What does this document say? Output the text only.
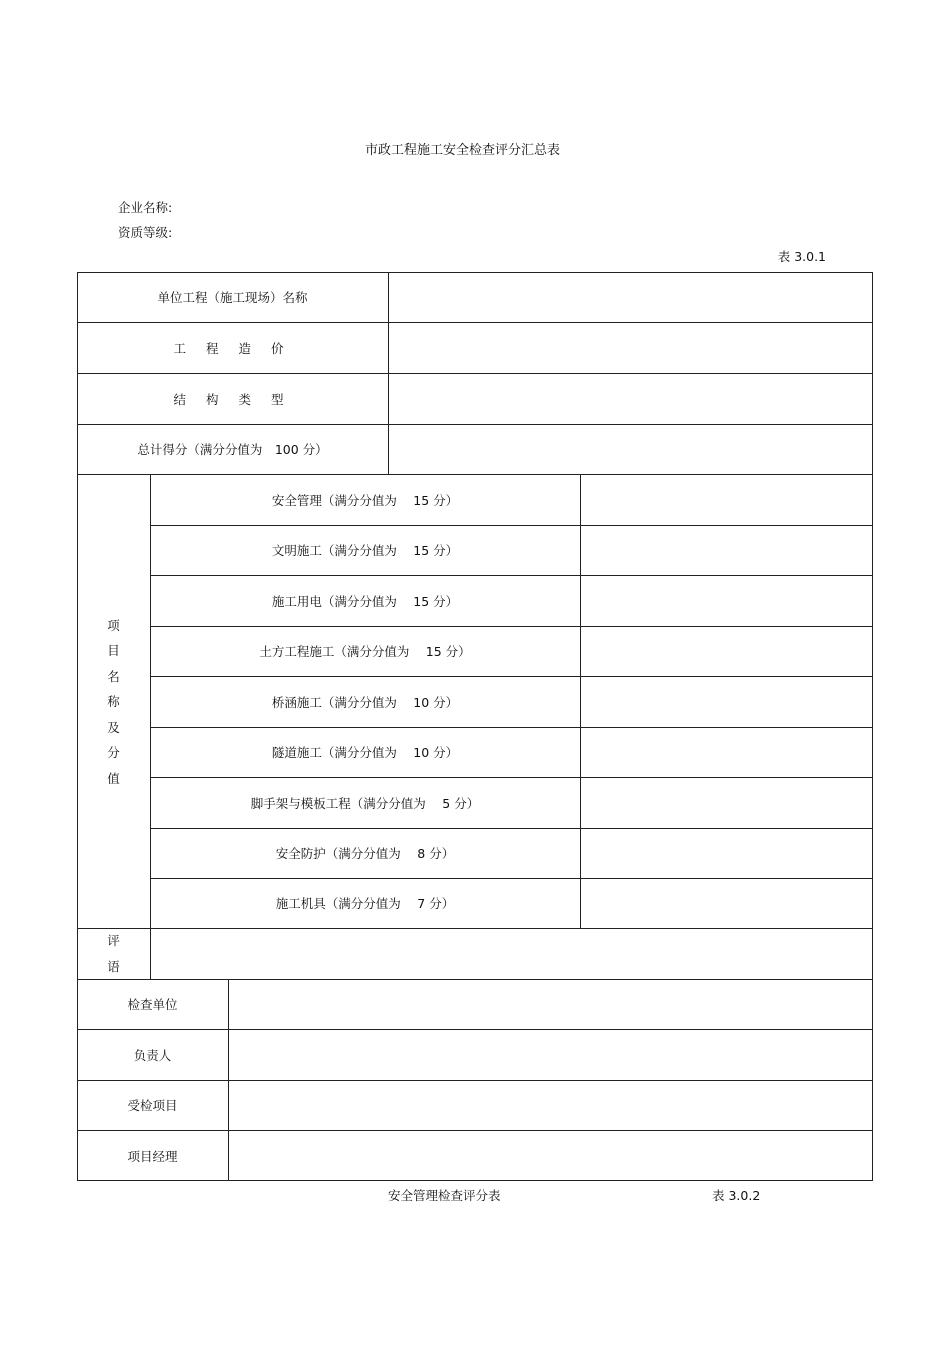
市政工程施工安全检查评分汇总表
企业名称:
资质等级:
表 3.0.1
单位工程（施工现场）名称
工 程 造 价
结 构 类 型
总计得分（满分分值为　100 分）
项
目
名
称
及
分
值
安全管理（满分分值为　 15 分）
文明施工（满分分值为　 15 分）
施工用电（满分分值为　 15 分）
土方工程施工（满分分值为　 15 分）
桥涵施工（满分分值为　 10 分）
隧道施工（满分分值为　 10 分）
脚手架与模板工程（满分分值为　 5 分）
安全防护（满分分值为　 8 分）
施工机具（满分分值为　 7 分）
评
语
检查单位
负责人
受检项目
项目经理
安全管理检查评分表	表 3.0.2
